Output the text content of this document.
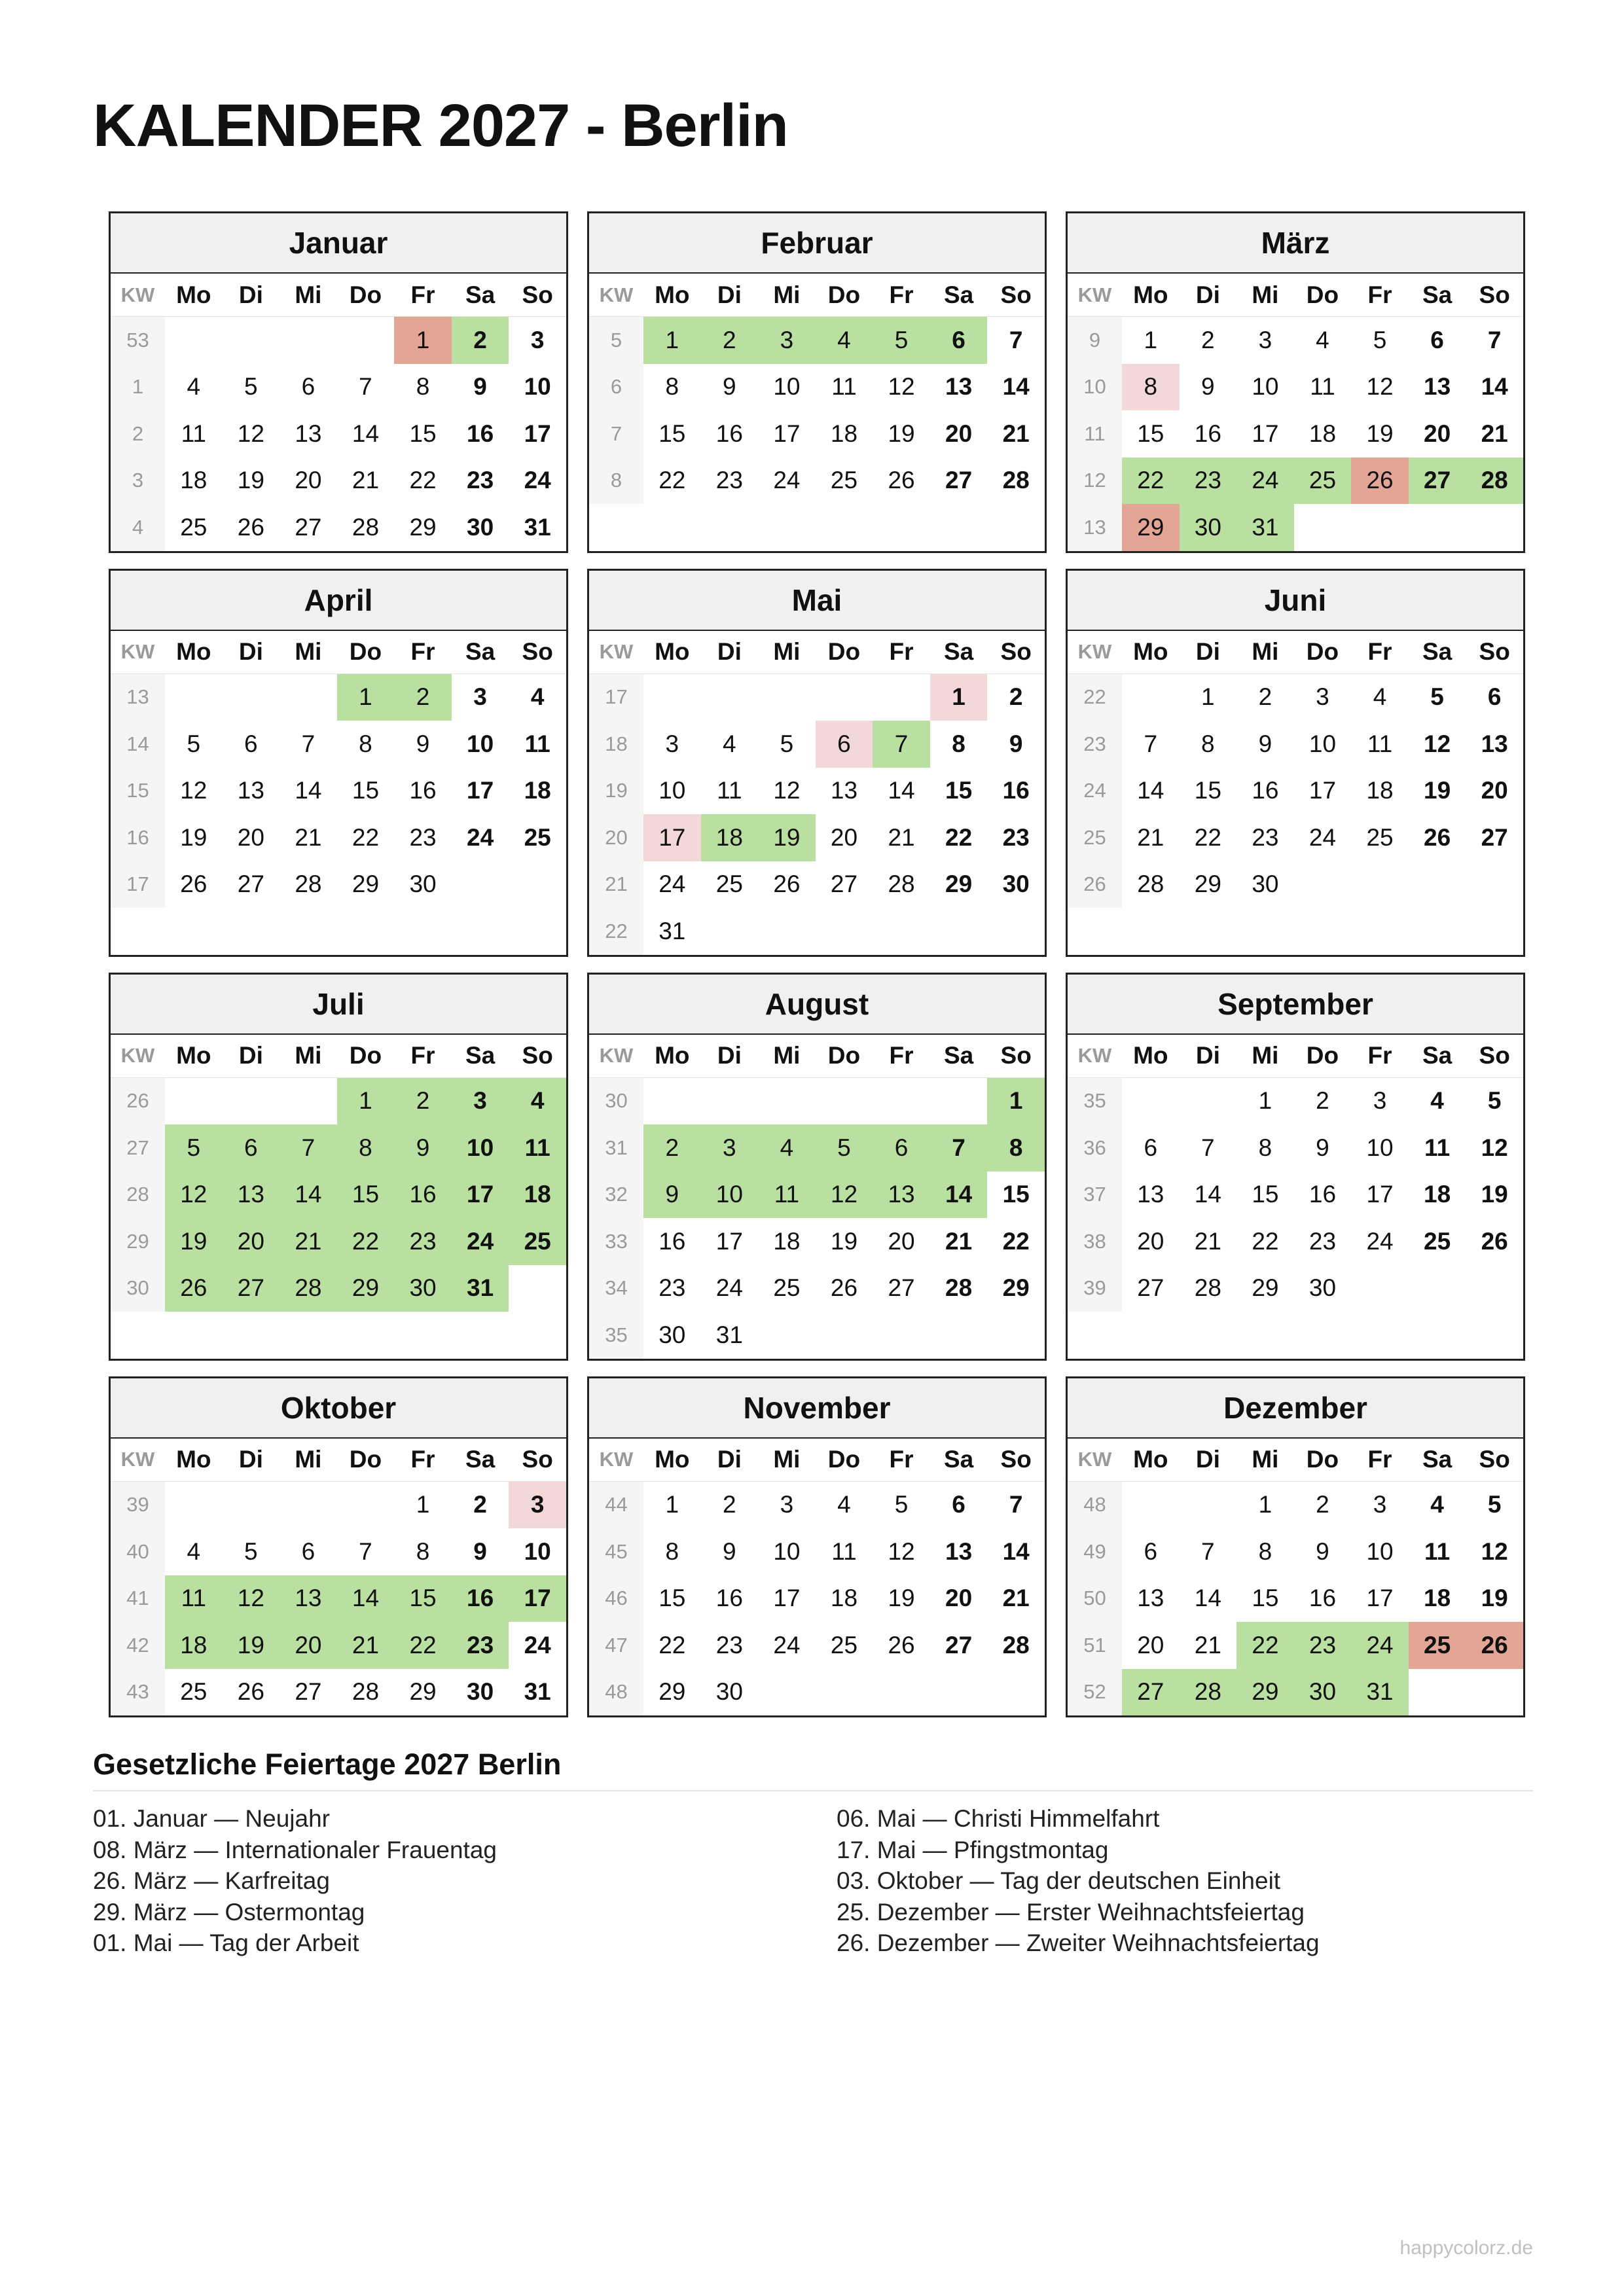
KALENDER 2027 - Berlin
Januar
KW	Mo	Di	Mi	Do	Fr	Sa	So
53					1	2	3
1	4	5	6	7	8	9	10
2	11	12	13	14	15	16	17
3	18	19	20	21	22	23	24
4	25	26	27	28	29	30	31
Februar
KW	Mo	Di	Mi	Do	Fr	Sa	So
5	1	2	3	4	5	6	7
6	8	9	10	11	12	13	14
7	15	16	17	18	19	20	21
8	22	23	24	25	26	27	28

März
KW	Mo	Di	Mi	Do	Fr	Sa	So
9	1	2	3	4	5	6	7
10	8	9	10	11	12	13	14
11	15	16	17	18	19	20	21
12	22	23	24	25	26	27	28
13	29	30	31				
April
KW	Mo	Di	Mi	Do	Fr	Sa	So
13				1	2	3	4
14	5	6	7	8	9	10	11
15	12	13	14	15	16	17	18
16	19	20	21	22	23	24	25
17	26	27	28	29	30		

Mai
KW	Mo	Di	Mi	Do	Fr	Sa	So
17						1	2
18	3	4	5	6	7	8	9
19	10	11	12	13	14	15	16
20	17	18	19	20	21	22	23
21	24	25	26	27	28	29	30
22	31						
Juni
KW	Mo	Di	Mi	Do	Fr	Sa	So
22		1	2	3	4	5	6
23	7	8	9	10	11	12	13
24	14	15	16	17	18	19	20
25	21	22	23	24	25	26	27
26	28	29	30				

Juli
KW	Mo	Di	Mi	Do	Fr	Sa	So
26				1	2	3	4
27	5	6	7	8	9	10	11
28	12	13	14	15	16	17	18
29	19	20	21	22	23	24	25
30	26	27	28	29	30	31	

August
KW	Mo	Di	Mi	Do	Fr	Sa	So
30							1
31	2	3	4	5	6	7	8
32	9	10	11	12	13	14	15
33	16	17	18	19	20	21	22
34	23	24	25	26	27	28	29
35	30	31					
September
KW	Mo	Di	Mi	Do	Fr	Sa	So
35			1	2	3	4	5
36	6	7	8	9	10	11	12
37	13	14	15	16	17	18	19
38	20	21	22	23	24	25	26
39	27	28	29	30			

Oktober
KW	Mo	Di	Mi	Do	Fr	Sa	So
39					1	2	3
40	4	5	6	7	8	9	10
41	11	12	13	14	15	16	17
42	18	19	20	21	22	23	24
43	25	26	27	28	29	30	31
November
KW	Mo	Di	Mi	Do	Fr	Sa	So
44	1	2	3	4	5	6	7
45	8	9	10	11	12	13	14
46	15	16	17	18	19	20	21
47	22	23	24	25	26	27	28
48	29	30					
Dezember
KW	Mo	Di	Mi	Do	Fr	Sa	So
48			1	2	3	4	5
49	6	7	8	9	10	11	12
50	13	14	15	16	17	18	19
51	20	21	22	23	24	25	26
52	27	28	29	30	31		
Gesetzliche Feiertage 2027 Berlin
01. Januar — Neujahr
08. März — Internationaler Frauentag
26. März — Karfreitag
29. März — Ostermontag
01. Mai — Tag der Arbeit
06. Mai — Christi Himmelfahrt
17. Mai — Pfingstmontag
03. Oktober — Tag der deutschen Einheit
25. Dezember — Erster Weihnachtsfeiertag
26. Dezember — Zweiter Weihnachtsfeiertag
happycolorz.de
